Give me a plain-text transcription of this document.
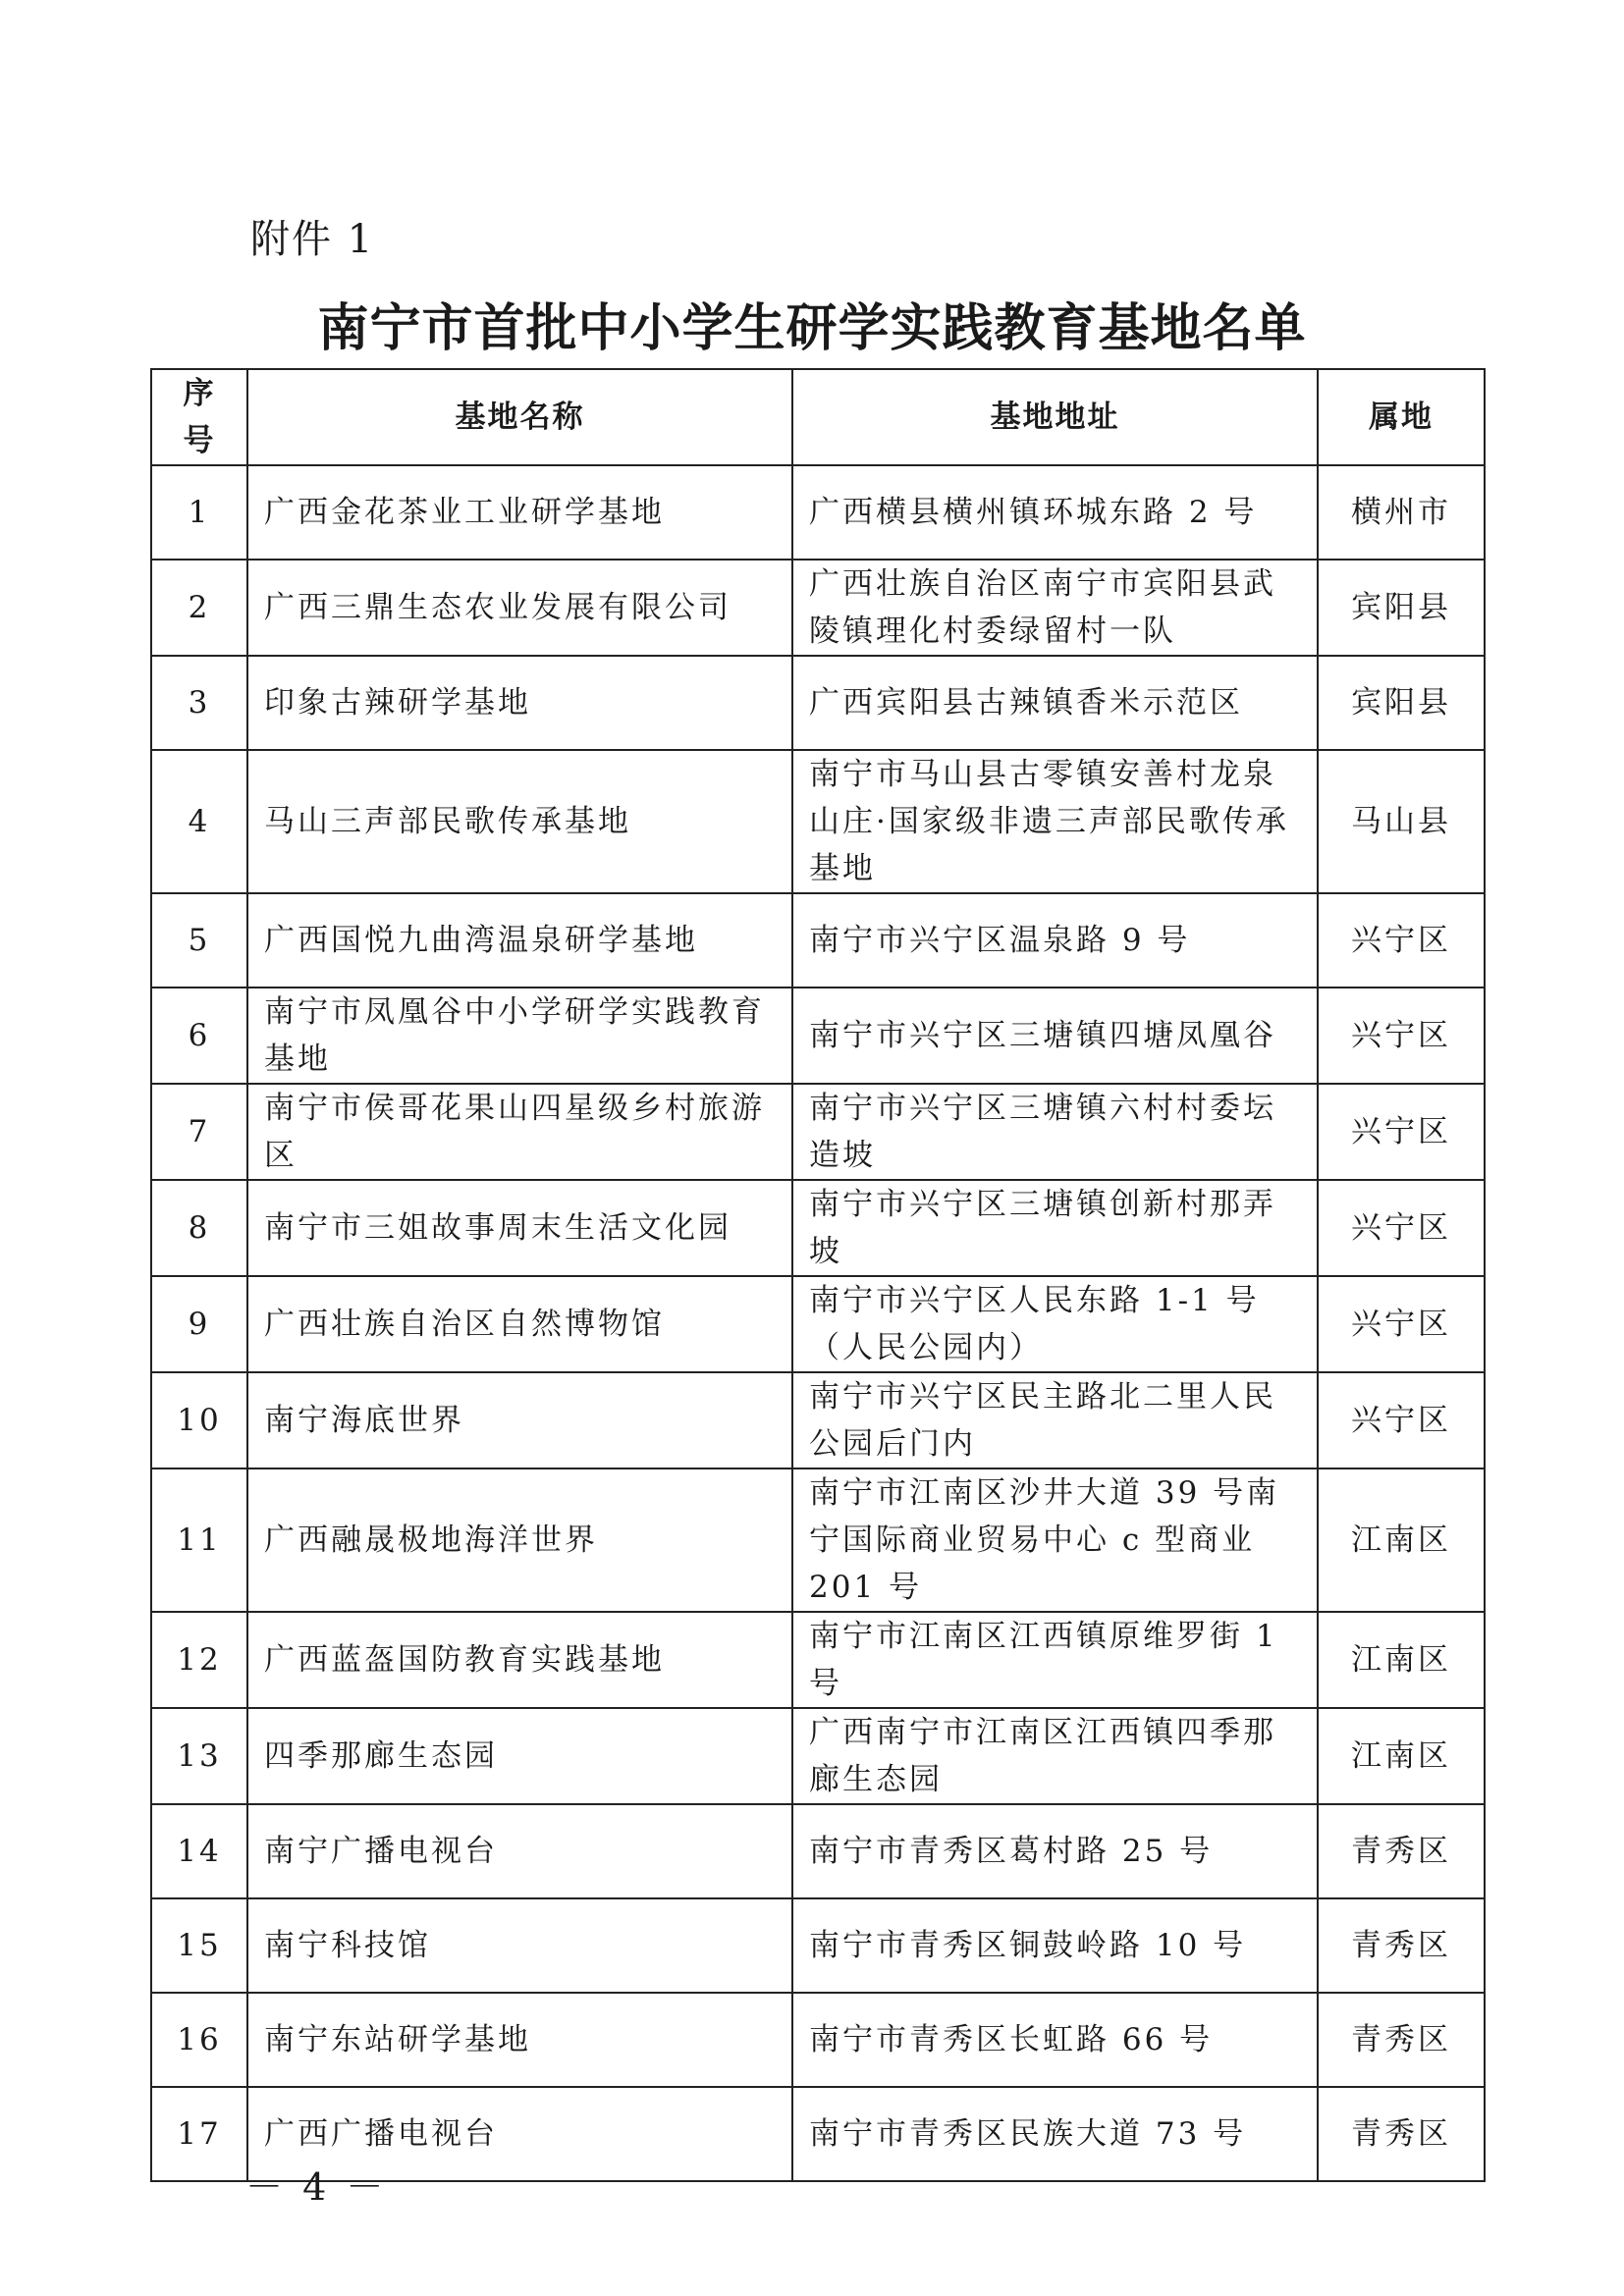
附件 1
南宁市首批中小学生研学实践教育基地名单
序号	基地名称	基地地址	属地
1	广西金花茶业工业研学基地	广西横县横州镇环城东路 2 号	横州市
2	广西三鼎生态农业发展有限公司	广西壮族自治区南宁市宾阳县武陵镇理化村委绿留村一队	宾阳县
3	印象古辣研学基地	广西宾阳县古辣镇香米示范区	宾阳县
4	马山三声部民歌传承基地	南宁市马山县古零镇安善村龙泉山庄·国家级非遗三声部民歌传承基地	马山县
5	广西国悦九曲湾温泉研学基地	南宁市兴宁区温泉路 9 号	兴宁区
6	南宁市凤凰谷中小学研学实践教育基地	南宁市兴宁区三塘镇四塘凤凰谷	兴宁区
7	南宁市侯哥花果山四星级乡村旅游区	南宁市兴宁区三塘镇六村村委坛造坡	兴宁区
8	南宁市三姐故事周末生活文化园	南宁市兴宁区三塘镇创新村那弄坡	兴宁区
9	广西壮族自治区自然博物馆	南宁市兴宁区人民东路 1-1 号（人民公园内）	兴宁区
10	南宁海底世界	南宁市兴宁区民主路北二里人民公园后门内	兴宁区
11	广西融晟极地海洋世界	南宁市江南区沙井大道 39 号南宁国际商业贸易中心 c 型商业 201 号	江南区
12	广西蓝盔国防教育实践基地	南宁市江南区江西镇原维罗街 1 号	江南区
13	四季那廊生态园	广西南宁市江南区江西镇四季那廊生态园	江南区
14	南宁广播电视台	南宁市青秀区葛村路 25 号	青秀区
15	南宁科技馆	南宁市青秀区铜鼓岭路 10 号	青秀区
16	南宁东站研学基地	南宁市青秀区长虹路 66 号	青秀区
17	广西广播电视台	南宁市青秀区民族大道 73 号	青秀区
－ 4 －
